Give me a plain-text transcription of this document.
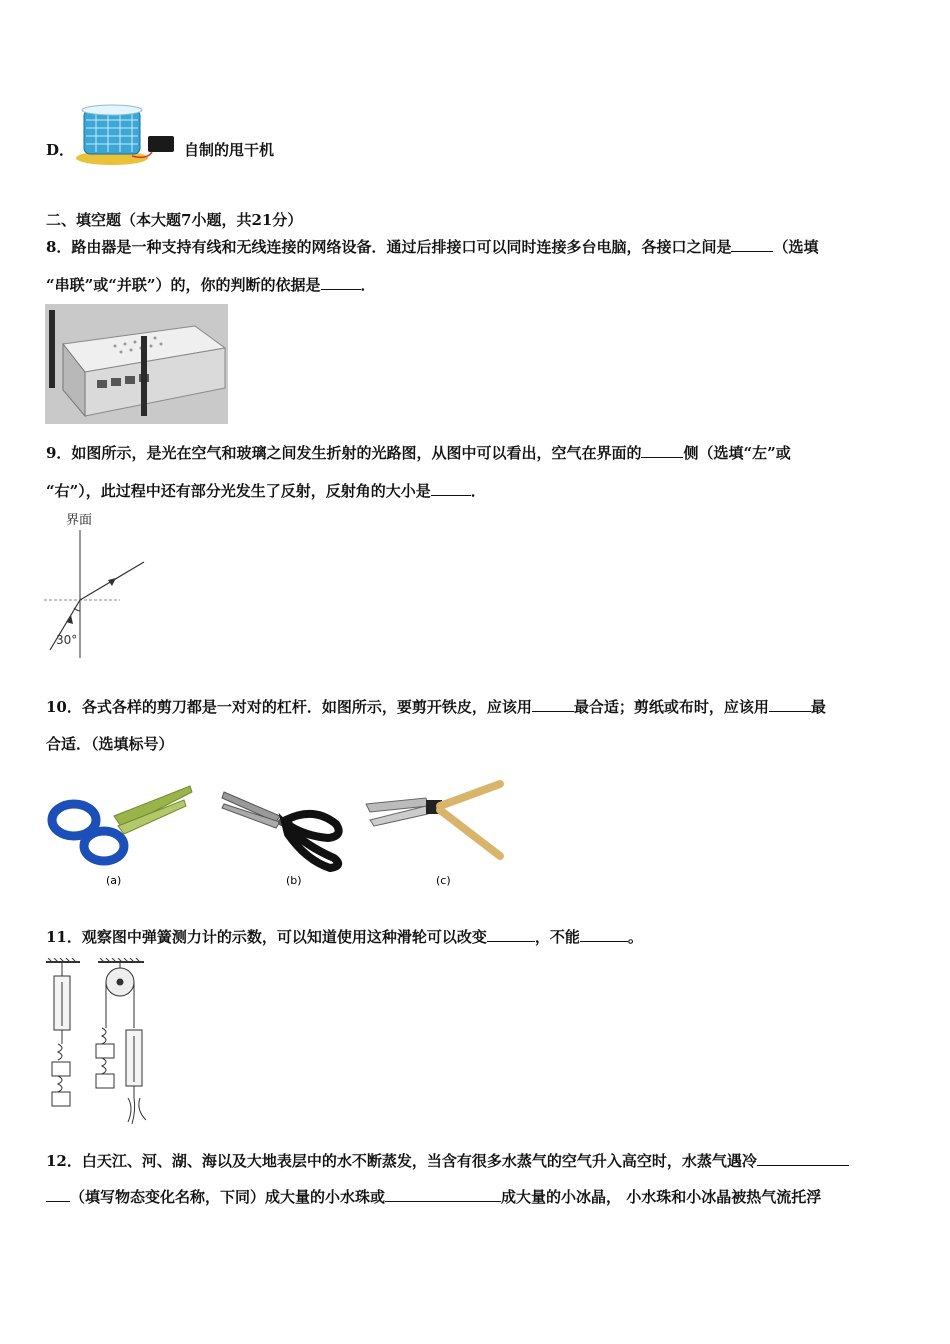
D．	自制的甩干机
二、填空题（本大题7小题，共21分）
8．路由器是一种支持有线和无线连接的网络设备．通过后排接口可以同时连接多台电脑，各接口之间是	（选填
“串联”或“并联”）的，你的判断的依据是	．
9．如图所示，是光在空气和玻璃之间发生折射的光路图，从图中可以看出，空气在界面的	侧（选填“左”或
“右”），此过程中还有部分光发生了反射，反射角的大小是	．
界面
30°
10．各式各样的剪刀都是一对对的杠杆．如图所示，要剪开铁皮，应该用	最合适；剪纸或布时，应该用	最
合适．（选填标号）
(a)	(b)	(c)
11．观察图中弹簧测力计的示数，可以知道使用这种滑轮可以改变	，不能	。
12．白天江、河、湖、海以及大地表层中的水不断蒸发，当含有很多水蒸气的空气升入高空时，水蒸气遇冷
（填写物态变化名称，下同）成大量的小水珠或	成大量的小冰晶， 小水珠和小冰晶被热气流托浮
